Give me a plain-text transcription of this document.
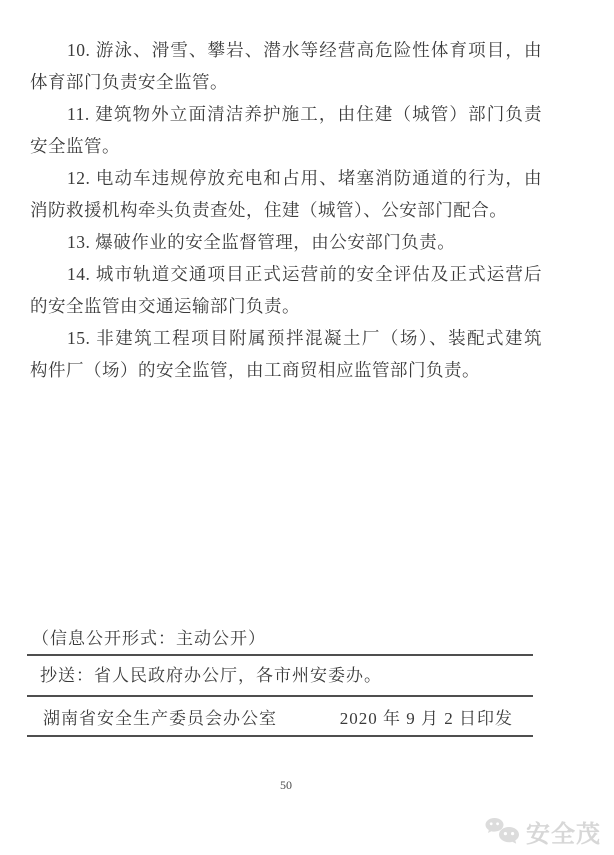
10. 游泳、滑雪、攀岩、潜水等经营高危险性体育项目，由
体育部门负责安全监管。
11. 建筑物外立面清洁养护施工，由住建（城管）部门负责
安全监管。
12. 电动车违规停放充电和占用、堵塞消防通道的行为，由
消防救援机构牵头负责查处，住建（城管）、公安部门配合。
13. 爆破作业的安全监督管理，由公安部门负责。
14. 城市轨道交通项目正式运营前的安全评估及正式运营后
的安全监管由交通运输部门负责。
15. 非建筑工程项目附属预拌混凝土厂（场）、装配式建筑
构件厂（场）的安全监管，由工商贸相应监管部门负责。
（信息公开形式：主动公开）
抄送：省人民政府办公厅，各市州安委办。
湖南省安全生产委员会办公室	2020 年 9 月 2 日印发
50
安全茂
